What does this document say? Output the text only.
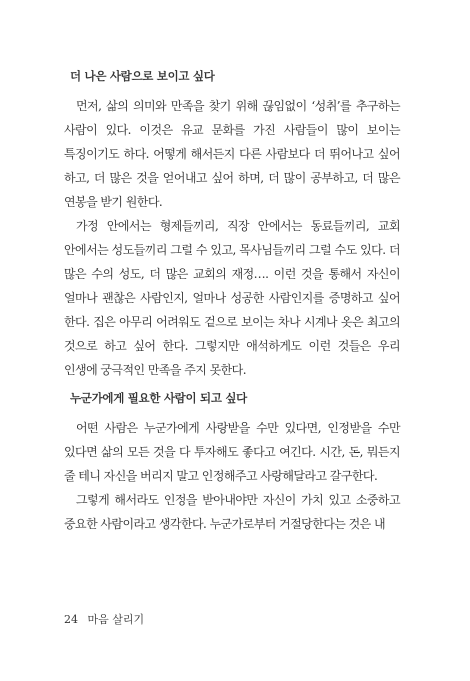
더 나은 사람으로 보이고 싶다

먼저, 삶의 의미와 만족을 찾기 위해 끊임없이 ‘성취’를 추구하는 사람이 있다. 이것은 유교 문화를 가진 사람들이 많이 보이는 특징이기도 하다. 어떻게 해서든지 다른 사람보다 더 뛰어나고 싶어 하고, 더 많은 것을 얻어내고 싶어 하며, 더 많이 공부하고, 더 많은 연봉을 받기 원한다.

가정 안에서는 형제들끼리, 직장 안에서는 동료들끼리, 교회 안에서는 성도들끼리 그럴 수 있고, 목사님들끼리 그럴 수도 있다. 더 많은 수의 성도, 더 많은 교회의 재정…. 이런 것을 통해서 자신이 얼마나 괜찮은 사람인지, 얼마나 성공한 사람인지를 증명하고 싶어 한다. 집은 아무리 어려워도 겉으로 보이는 차나 시계나 옷은 최고의 것으로 하고 싶어 한다. 그렇지만 애석하게도 이런 것들은 우리 인생에 궁극적인 만족을 주지 못한다.

누군가에게 필요한 사람이 되고 싶다

어떤 사람은 누군가에게 사랑받을 수만 있다면, 인정받을 수만 있다면 삶의 모든 것을 다 투자해도 좋다고 여긴다. 시간, 돈, 뭐든지 줄 테니 자신을 버리지 말고 인정해주고 사랑해달라고 갈구한다.

그렇게 해서라도 인정을 받아내야만 자신이 가치 있고 소중하고 중요한 사람이라고 생각한다. 누군가로부터 거절당한다는 것은 내

24 마음 살리기
